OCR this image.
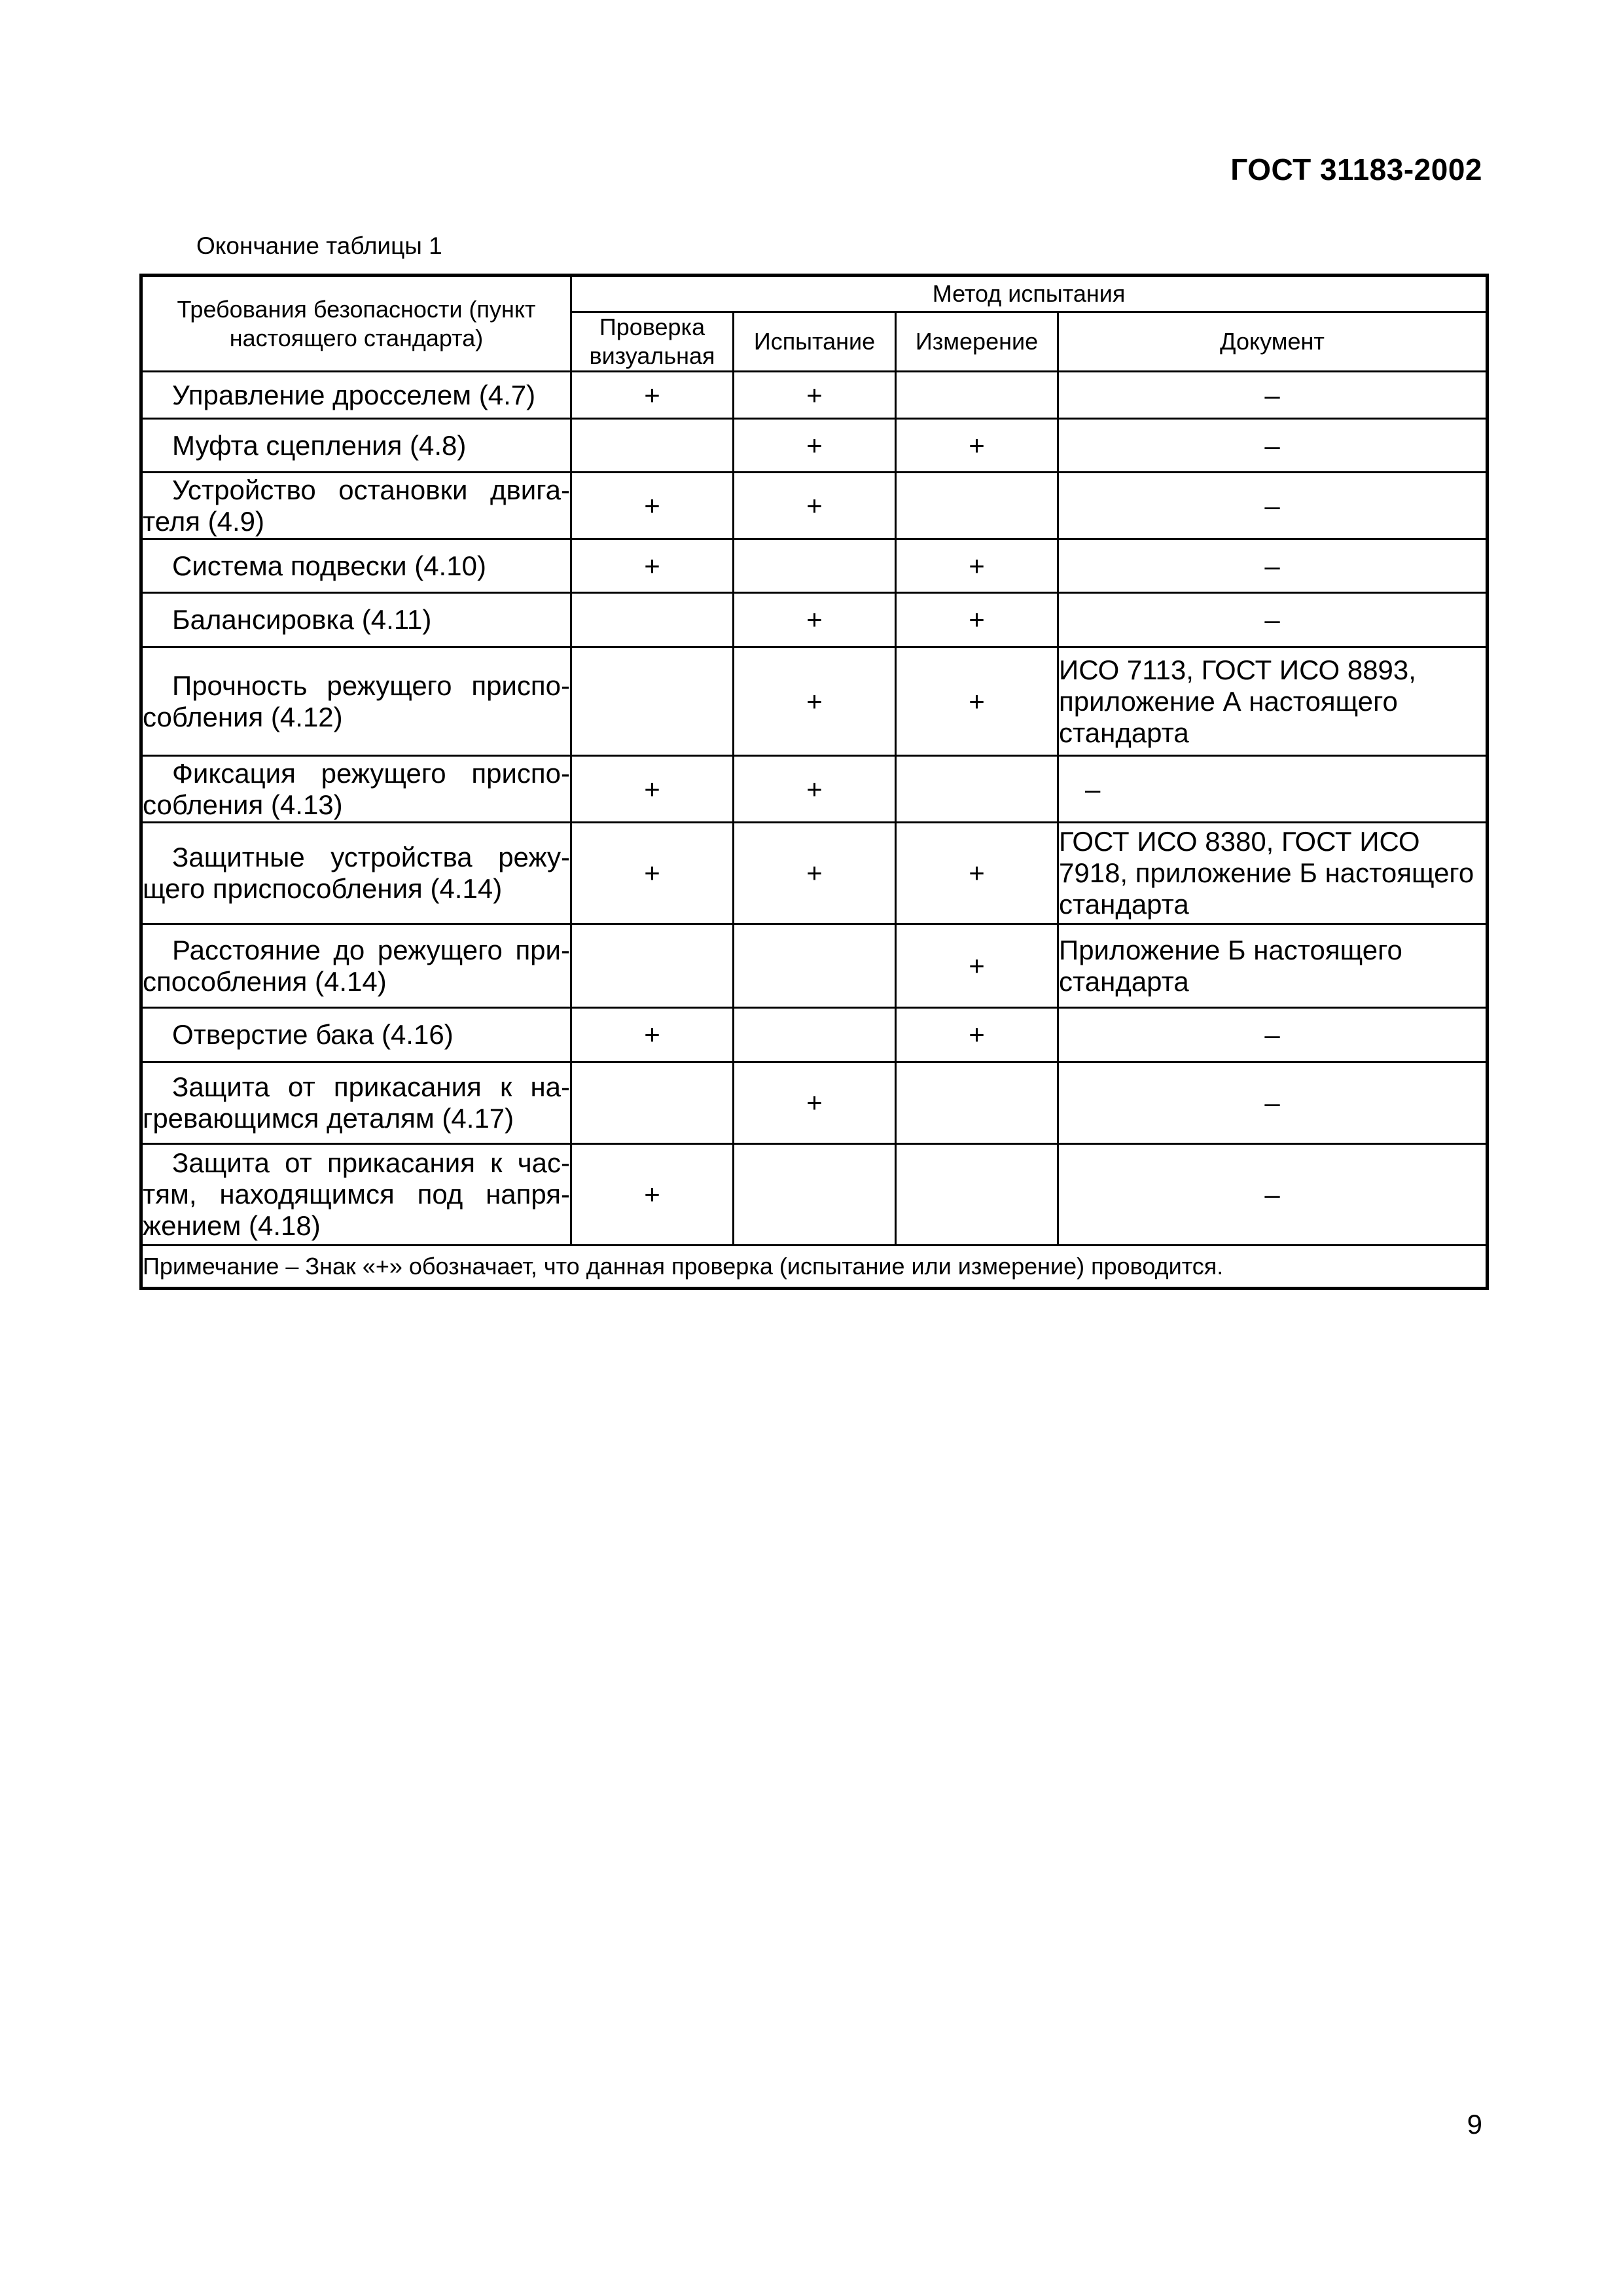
ГОСТ 31183-2002
Окончание таблицы 1
Требования безопасности (пункт настоящего стандарта)	Метод испытания			
	Проверка визуальная	Испытание	Измерение	Документ
Управление дросселем (4.7)	+	+		–
Муфта сцепления (4.8)		+	+	–
Устройство остановки двига-теля (4.9)	+	+		–
Система подвески (4.10)	+		+	–
Балансировка (4.11)		+	+	–
Прочность режущего приспо-собления (4.12)		+	+	ИСО 7113, ГОСТ ИСО 8893, приложение А настоящего стандарта
Фиксация режущего приспо-собления (4.13)	+	+		–
Защитные устройства режу-щего приспособления (4.14)	+	+	+	ГОСТ ИСО 8380, ГОСТ ИСО 7918, приложение Б настоящего стандарта
Расстояние до режущего при-способления (4.14)			+	Приложение Б настоящего стандарта
Отверстие бака (4.16)	+		+	–
Защита от прикасания к на-гревающимся деталям (4.17)		+		–
Защита от прикасания к час-тям, находящимся под напря-жением (4.18)	+			–
Примечание – Знак «+» обозначает, что данная проверка (испытание или измерение) проводится.				
9
